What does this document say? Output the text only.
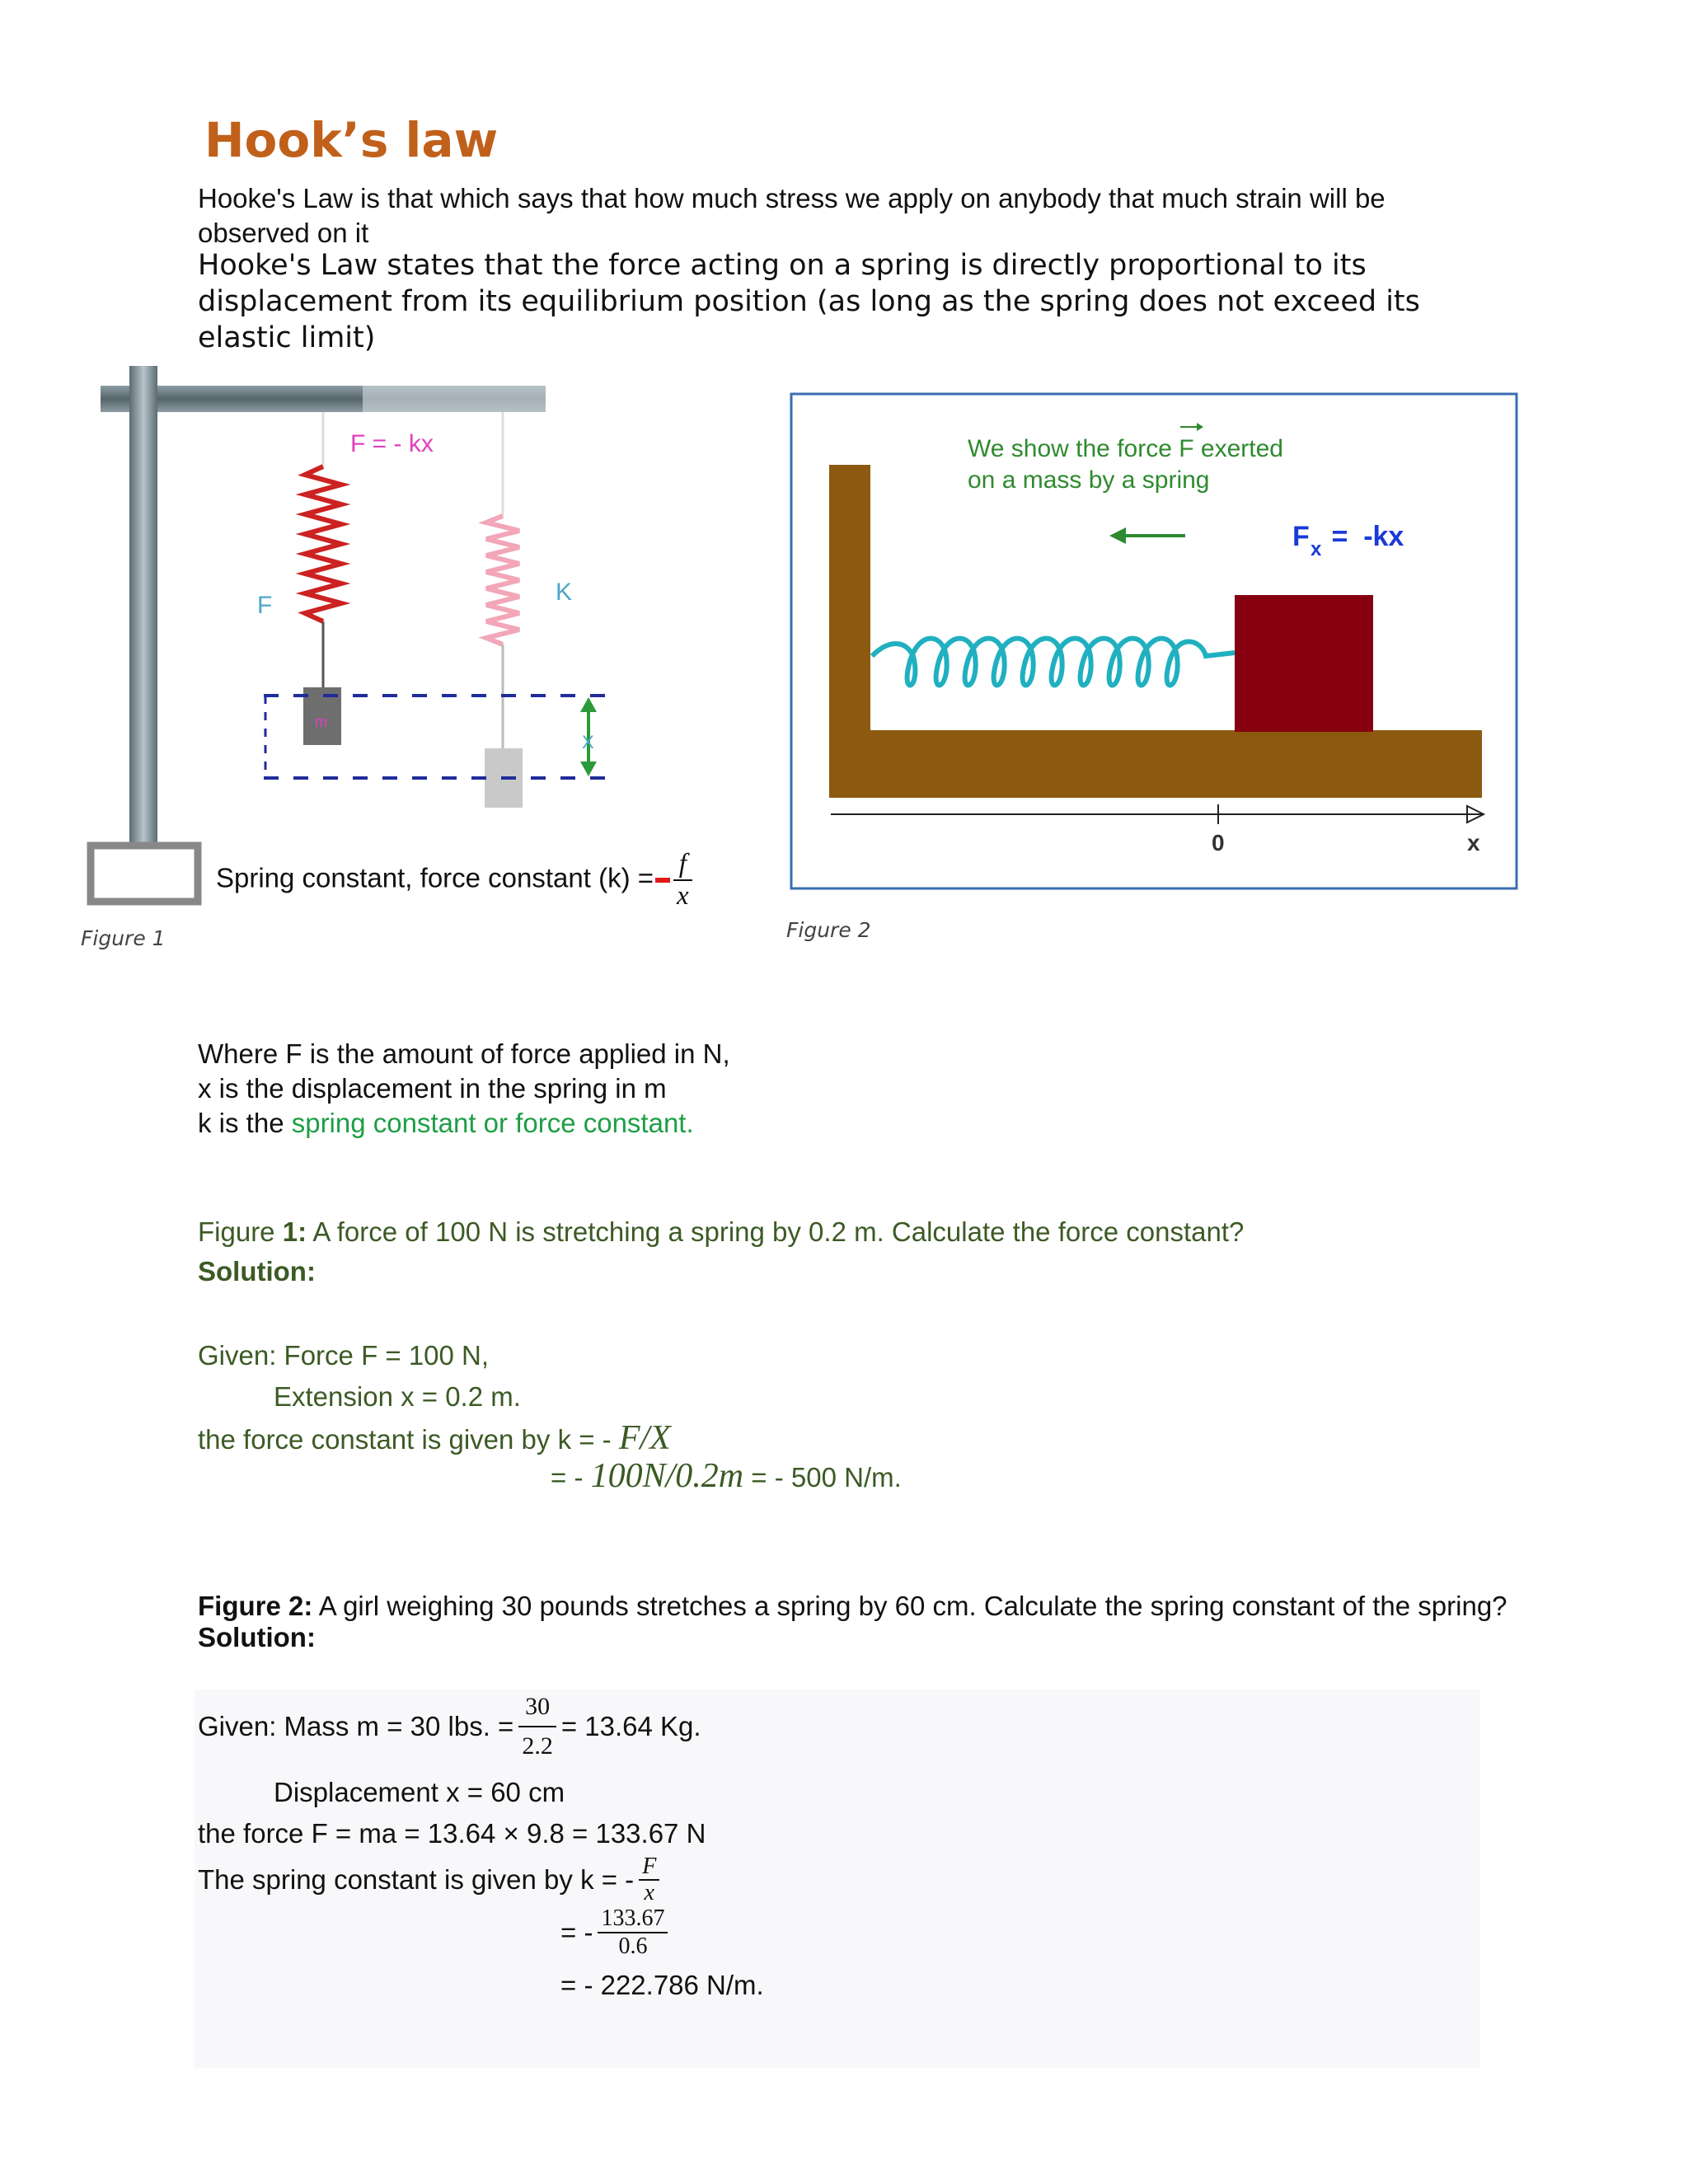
Hook’s law
Hooke's Law is that which says that how much stress we apply on anybody that much strain will be observed on it
Hooke's Law states that the force acting on a spring is directly proportional to its displacement from its equilibrium position (as long as the spring does not exceed its elastic limit)
F = - kx
F	K
X
m
Spring constant, force constant $(k) = \frac{f}{x}$
Figure 1
0	x
We show the force F exerted
on a mass by a spring
F x =  -kx
Figure 2
Where F is the amount of force applied in N,
x is the displacement in the spring in m
k is the spring constant or force constant.
Figure 1: A force of 100 N is stretching a spring by 0.2 m. Calculate the force constant?
Solution:
Given: Force F = 100 N,
Extension x = 0.2 m.
the force constant is given by k = - F/X
= - 100N/0.2m = - 500 N/m.
Figure 2: A girl weighing 30 pounds stretches a spring by 60 cm. Calculate the spring constant of the spring?
Solution:
Given: Mass m = 30 lbs. = $\frac{30}{2.2} = 13.64$ Kg.
Displacement x = 60 cm
the force F = ma = 13.64 × 9.8 = 133.67 N
The spring constant is given by k = - $\frac{F}{x}$
= - $\frac{133.67}{0.6}$
= - 222.786 N/m.
